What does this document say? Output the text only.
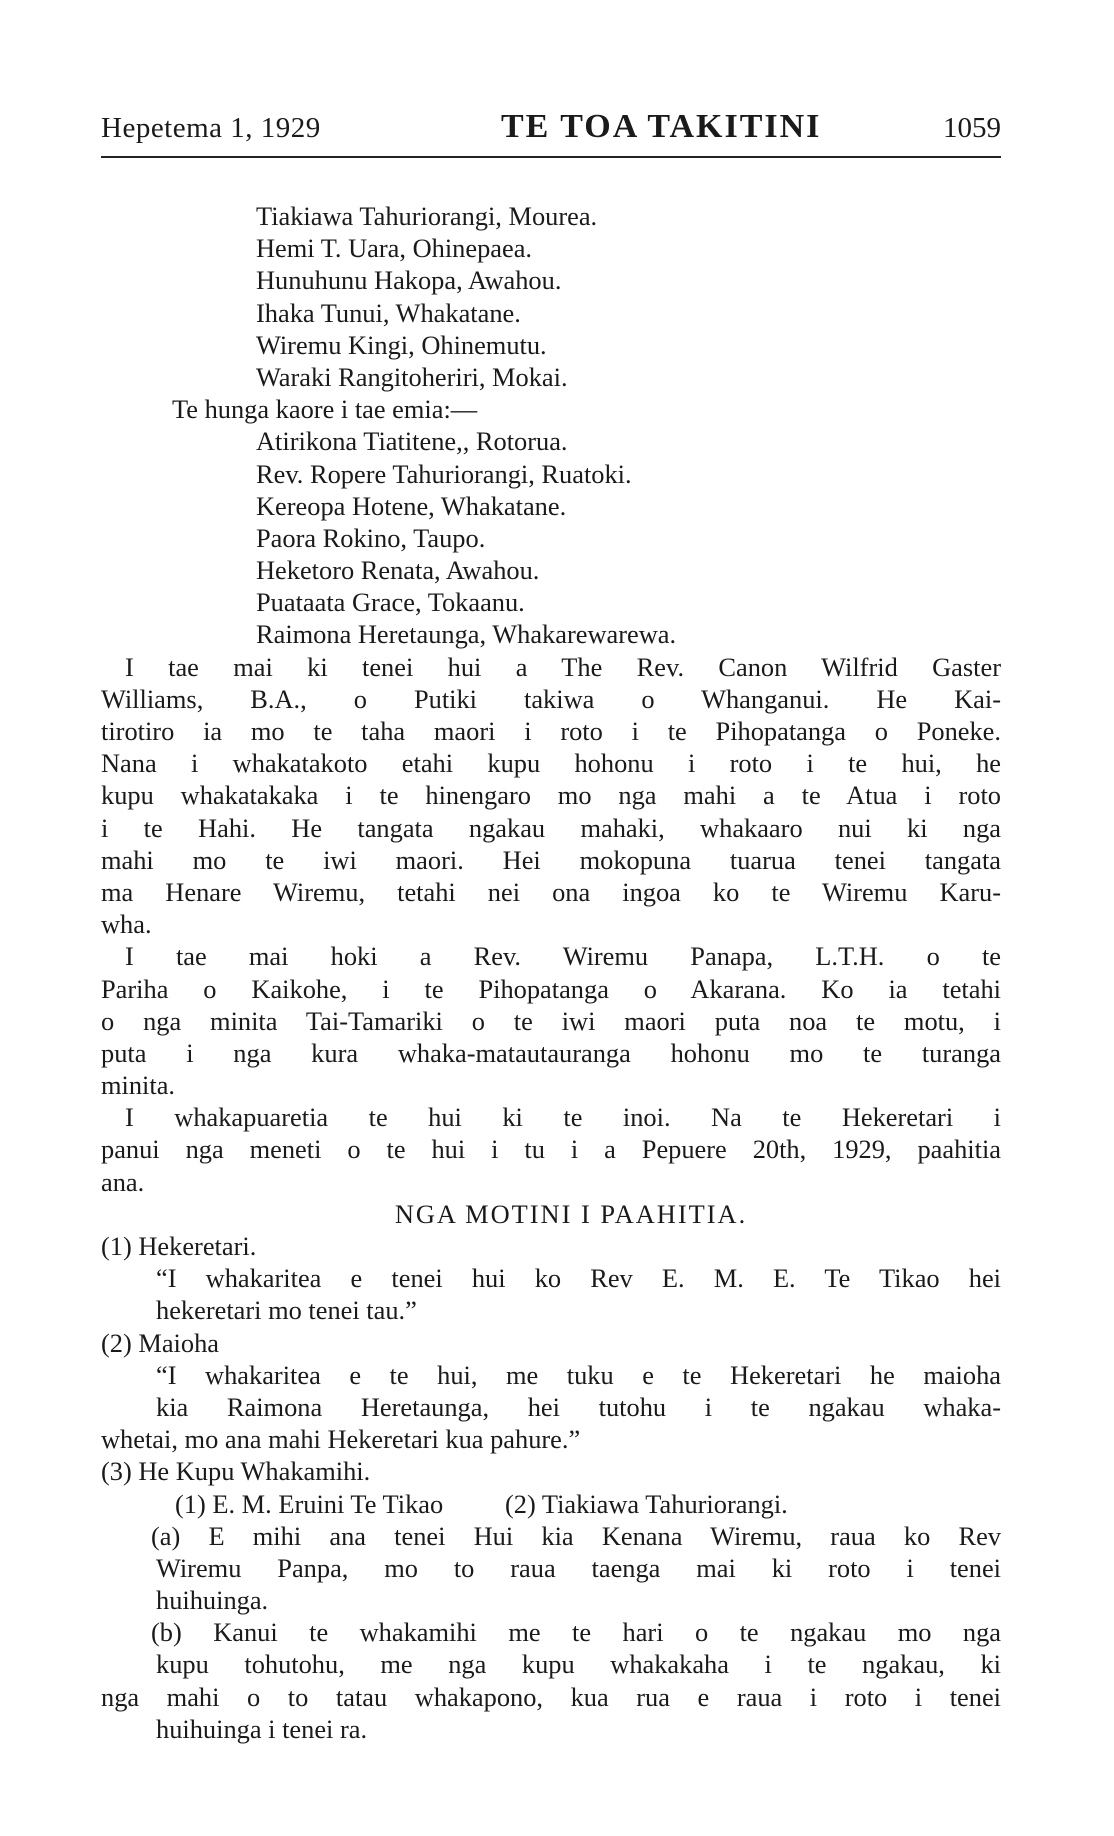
Hepetema 1, 1929	TE TOA TAKITINI	1059
Tiakiawa Tahuriorangi, Mourea.
Hemi T. Uara, Ohinepaea.
Hunuhunu Hakopa, Awahou.
Ihaka Tunui, Whakatane.
Wiremu Kingi, Ohinemutu.
Waraki Rangitoheriri, Mokai.
Te hunga kaore i tae emia:—
Atirikona Tiatitene,, Rotorua.
Rev. Ropere Tahuriorangi, Ruatoki.
Kereopa Hotene, Whakatane.
Paora Rokino, Taupo.
Heketoro Renata, Awahou.
Puataata Grace, Tokaanu.
Raimona Heretaunga, Whakarewarewa.
I tae mai ki tenei hui a The Rev. Canon Wilfrid Gaster
Williams, B.A., o Putiki takiwa o Whanganui. He Kai-
tirotiro ia mo te taha maori i roto i te Pihopatanga o Poneke.
Nana i whakatakoto etahi kupu hohonu i roto i te hui, he
kupu whakatakaka i te hinengaro mo nga mahi a te Atua i roto
i te Hahi. He tangata ngakau mahaki, whakaaro nui ki nga
mahi mo te iwi maori. Hei mokopuna tuarua tenei tangata
ma Henare Wiremu, tetahi nei ona ingoa ko te Wiremu Karu-
wha.
I tae mai hoki a Rev. Wiremu Panapa, L.T.H. o te
Pariha o Kaikohe, i te Pihopatanga o Akarana. Ko ia tetahi
o nga minita Tai-Tamariki o te iwi maori puta noa te motu, i
puta i nga kura whaka-matautauranga hohonu mo te turanga
minita.
I whakapuaretia te hui ki te inoi. Na te Hekeretari i
panui nga meneti o te hui i tu i a Pepuere 20th, 1929, paahitia
ana.
NGA MOTINI I PAAHITIA.
(1) Hekeretari.
“I whakaritea e tenei hui ko Rev E. M. E. Te Tikao hei
hekeretari mo tenei tau.”
(2) Maioha
“I whakaritea e te hui, me tuku e te Hekeretari he maioha
kia Raimona Heretaunga, hei tutohu i te ngakau whaka-
whetai, mo ana mahi Hekeretari kua pahure.”
(3) He Kupu Whakamihi.
(1) E. M. Eruini Te Tikao (2) Tiakiawa Tahuriorangi.
(a) E mihi ana tenei Hui kia Kenana Wiremu, raua ko Rev
Wiremu Panpa, mo to raua taenga mai ki roto i tenei
huihuinga.
(b) Kanui te whakamihi me te hari o te ngakau mo nga
kupu tohutohu, me nga kupu whakakaha i te ngakau, ki
nga mahi o to tatau whakapono, kua rua e raua i roto i tenei
huihuinga i tenei ra.
